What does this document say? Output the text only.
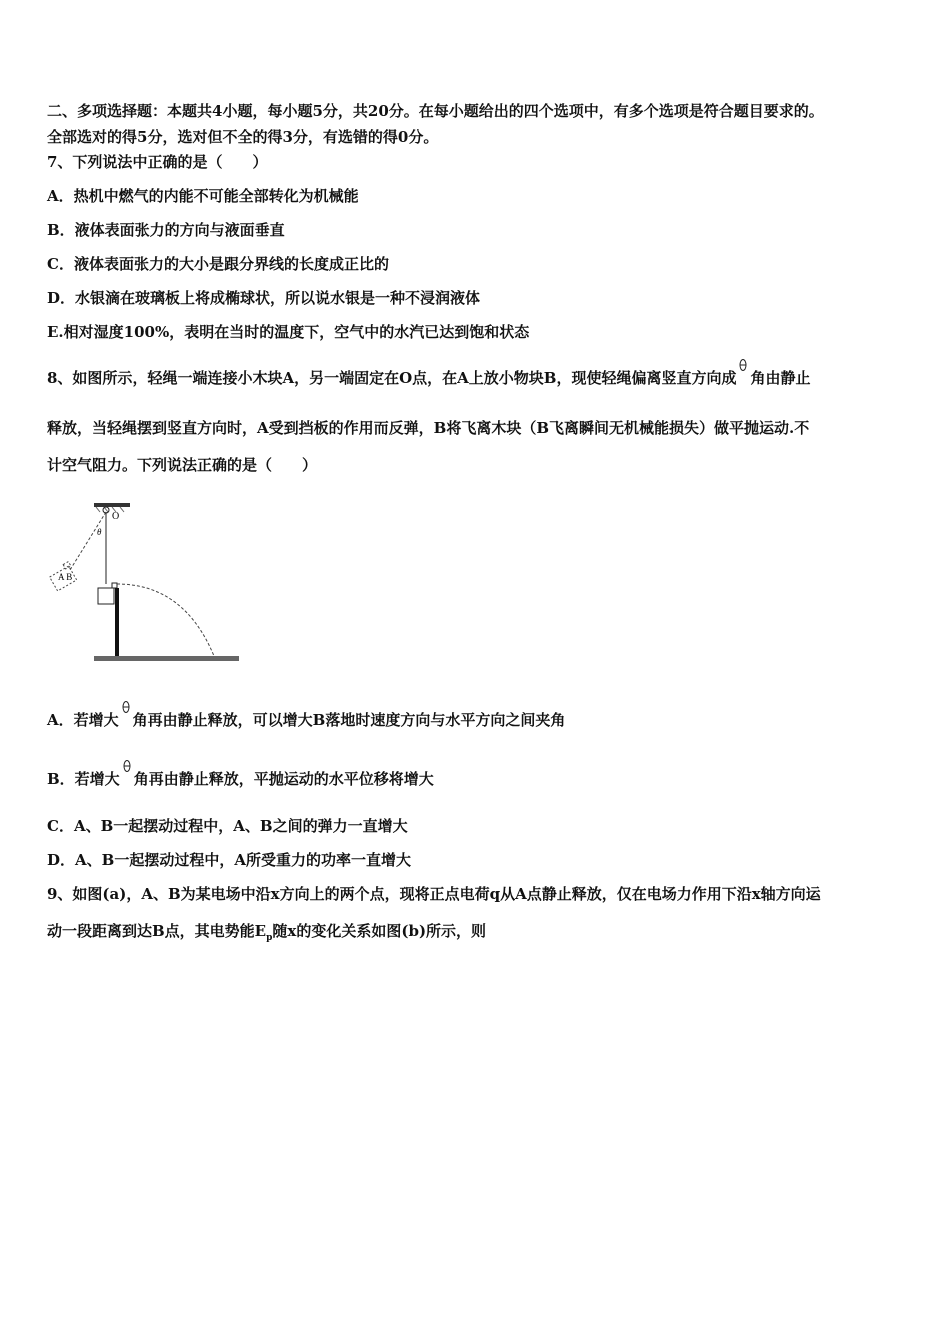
二、多项选择题：本题共4小题，每小题5分，共20分。在每小题给出的四个选项中，有多个选项是符合题目要求的。
全部选对的得5分，选对但不全的得3分，有选错的得0分。
7、下列说法中正确的是（　　）
A．热机中燃气的内能不可能全部转化为机械能
B．液体表面张力的方向与液面垂直
C．液体表面张力的大小是跟分界线的长度成正比的
D．水银滴在玻璃板上将成椭球状，所以说水银是一种不浸润液体
E.相对湿度100%，表明在当时的温度下，空气中的水汽已达到饱和状态
8、如图所示，轻绳一端连接小木块A，另一端固定在O点，在A上放小物块B，现使轻绳偏离竖直方向成 角由静止
释放，当轻绳摆到竖直方向时，A受到挡板的作用而反弹，B将飞离木块（B飞离瞬间无机械能损失）做平抛运动.不
计空气阻力。下列说法正确的是（　　）
O
θ
A B
A．若增大 角再由静止释放，可以增大B落地时速度方向与水平方向之间夹角
B．若增大 角再由静止释放，平抛运动的水平位移将增大
C．A、B一起摆动过程中，A、B之间的弹力一直增大
D．A、B一起摆动过程中，A所受重力的功率一直增大
9、如图(a)，A、B为某电场中沿x方向上的两个点，现将正点电荷q从A点静止释放，仅在电场力作用下沿x轴方向运
动一段距离到达B点，其电势能$E_p$随x的变化关系如图(b)所示，则
